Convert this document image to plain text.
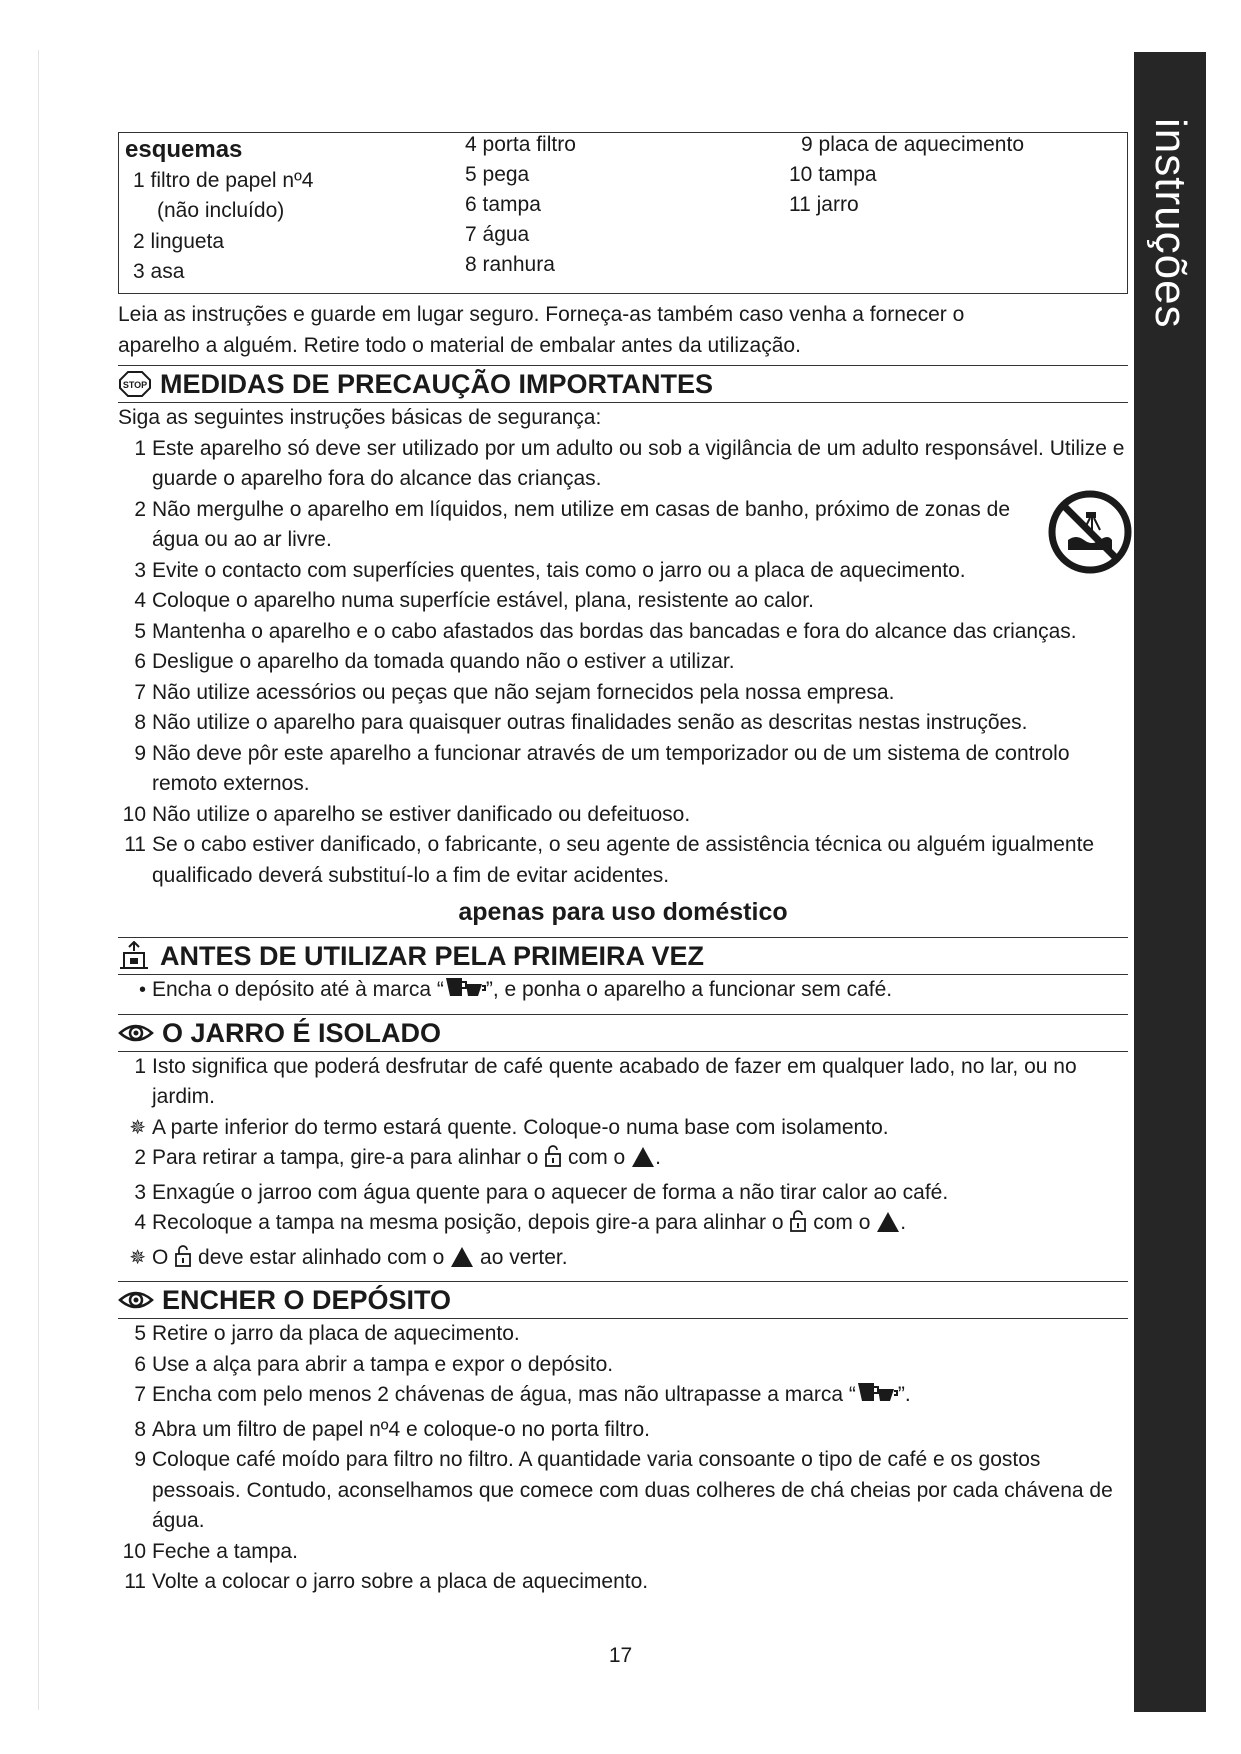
instruções
esquemas
1 filtro de papel nº4
(não incluído)
2 lingueta
3 asa
4 porta filtro
5 pega
6 tampa
7 água
8 ranhura
9 placa de aquecimento
10 tampa
11 jarro

Leia as instruções e guarde em lugar seguro. Forneça-as também caso venha a fornecer o

aparelho a alguém. Retire todo o material de embalar antes da utilização.

STOP MEDIDAS DE PRECAUÇÃO IMPORTANTES
Siga as seguintes instruções básicas de segurança:
1 Este aparelho só deve ser utilizado por um adulto ou sob a vigilância de um adulto responsável. Utilize e guarde o aparelho fora do alcance das crianças.
2 Não mergulhe o aparelho em líquidos, nem utilize em casas de banho, próximo de zonas de água ou ao ar livre.
3 Evite o contacto com superfícies quentes, tais como o jarro ou a placa de aquecimento.
4 Coloque o aparelho numa superfície estável, plana, resistente ao calor.
5 Mantenha o aparelho e o cabo afastados das bordas das bancadas e fora do alcance das crianças.
6 Desligue o aparelho da tomada quando não o estiver a utilizar.
7 Não utilize acessórios ou peças que não sejam fornecidos pela nossa empresa.
8 Não utilize o aparelho para quaisquer outras finalidades senão as descritas nestas instruções.
9 Não deve pôr este aparelho a funcionar através de um temporizador ou de um sistema de controlo remoto externos.
10 Não utilize o aparelho se estiver danificado ou defeituoso.
11 Se o cabo estiver danificado, o fabricante, o seu agente de assistência técnica ou alguém igualmente qualificado deverá substituí-lo a fim de evitar acidentes.
apenas para uso doméstico
ANTES DE UTILIZAR PELA PRIMEIRA VEZ
• Encha o depósito até à marca “ ”, e ponha o aparelho a funcionar sem café.
O JARRO É ISOLADO
1 Isto significa que poderá desfrutar de café quente acabado de fazer em qualquer lado, no lar, ou no jardim.
✵ A parte inferior do termo estará quente. Coloque-o numa base com isolamento.
2 Para retirar a tampa, gire-a para alinhar o com o .
3 Enxagúe o jarroo com água quente para o aquecer de forma a não tirar calor ao café.
4 Recoloque a tampa na mesma posição, depois gire-a para alinhar o com o .
✵ O deve estar alinhado com o ao verter.
ENCHER O DEPÓSITO
5 Retire o jarro da placa de aquecimento.
6 Use a alça para abrir a tampa e expor o depósito.
7 Encha com pelo menos 2 chávenas de água, mas não ultrapasse a marca “ ”.
8 Abra um filtro de papel nº4 e coloque-o no porta filtro.
9 Coloque café moído para filtro no filtro. A quantidade varia consoante o tipo de café e os gostos pessoais. Contudo, aconselhamos que comece com duas colheres de chá cheias por cada chávena de água.
10 Feche a tampa.
11 Volte a colocar o jarro sobre a placa de aquecimento.
17
